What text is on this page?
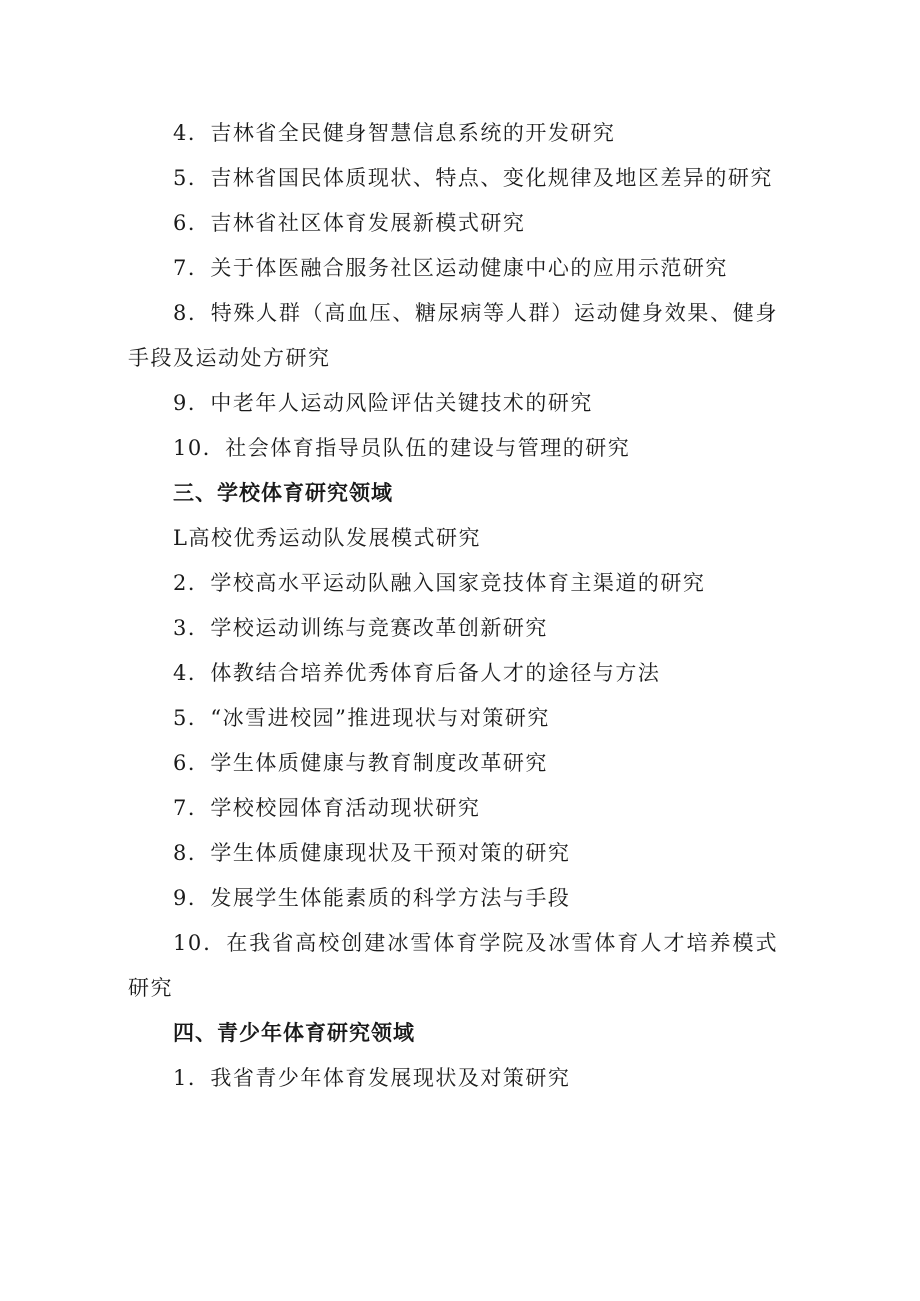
4．吉林省全民健身智慧信息系统的开发研究

5．吉林省国民体质现状、特点、变化规律及地区差异的研究

6．吉林省社区体育发展新模式研究

7．关于体医融合服务社区运动健康中心的应用示范研究

8．特殊人群（高血压、糖尿病等人群）运动健身效果、健身手段及运动处方研究

9．中老年人运动风险评估关键技术的研究

10．社会体育指导员队伍的建设与管理的研究

三、学校体育研究领域

L高校优秀运动队发展模式研究

2．学校高水平运动队融入国家竞技体育主渠道的研究

3．学校运动训练与竞赛改革创新研究

4．体教结合培养优秀体育后备人才的途径与方法

5．“冰雪进校园”推进现状与对策研究

6．学生体质健康与教育制度改革研究

7．学校校园体育活动现状研究

8．学生体质健康现状及干预对策的研究

9．发展学生体能素质的科学方法与手段

10．在我省高校创建冰雪体育学院及冰雪体育人才培养模式研究

四、青少年体育研究领域

1．我省青少年体育发展现状及对策研究
